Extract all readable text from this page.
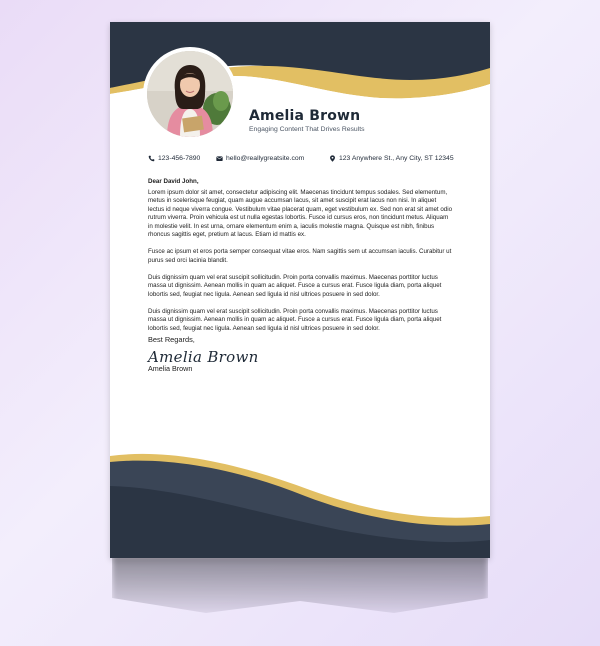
Amelia Brown
Engaging Content That Drives Results
123-456-7890	hello@reallygreatsite.com	123 Anywhere St., Any City, ST 12345
Dear David John,

Lorem ipsum dolor sit amet, consectetur adipiscing elit. Maecenas tincidunt tempus sodales. Sed elementum, metus in scelerisque feugiat, quam augue accumsan lacus, sit amet suscipit erat lacus non nisi. In aliquet lectus id neque viverra congue. Vestibulum vitae placerat quam, eget vestibulum ex. Sed non erat sit amet odio rutrum viverra. Proin vehicula est ut nulla egestas lobortis. Fusce id cursus eros, non tincidunt metus. Aliquam in molestie velit. In est urna, ornare elementum enim a, iaculis molestie magna. Quisque est nibh, finibus rhoncus sagittis eget, pretium at lacus. Etiam id mattis ex.

Fusce ac ipsum et eros porta semper consequat vitae eros. Nam sagittis sem ut accumsan iaculis. Curabitur ut purus sed orci lacinia blandit.

Duis dignissim quam vel erat suscipit sollicitudin. Proin porta convallis maximus. Maecenas porttitor luctus massa ut dignissim. Aenean mollis in quam ac aliquet. Fusce a cursus erat. Fusce ligula diam, porta aliquet lobortis sed, feugiat nec ligula. Aenean sed ligula id nisl ultrices posuere in sed dolor.

Duis dignissim quam vel erat suscipit sollicitudin. Proin porta convallis maximus. Maecenas porttitor luctus massa ut dignissim. Aenean mollis in quam ac aliquet. Fusce a cursus erat. Fusce ligula diam, porta aliquet lobortis sed, feugiat nec ligula. Aenean sed ligula id nisl ultrices posuere in sed dolor.

Best Regards,
Amelia Brown
Amelia Brown
